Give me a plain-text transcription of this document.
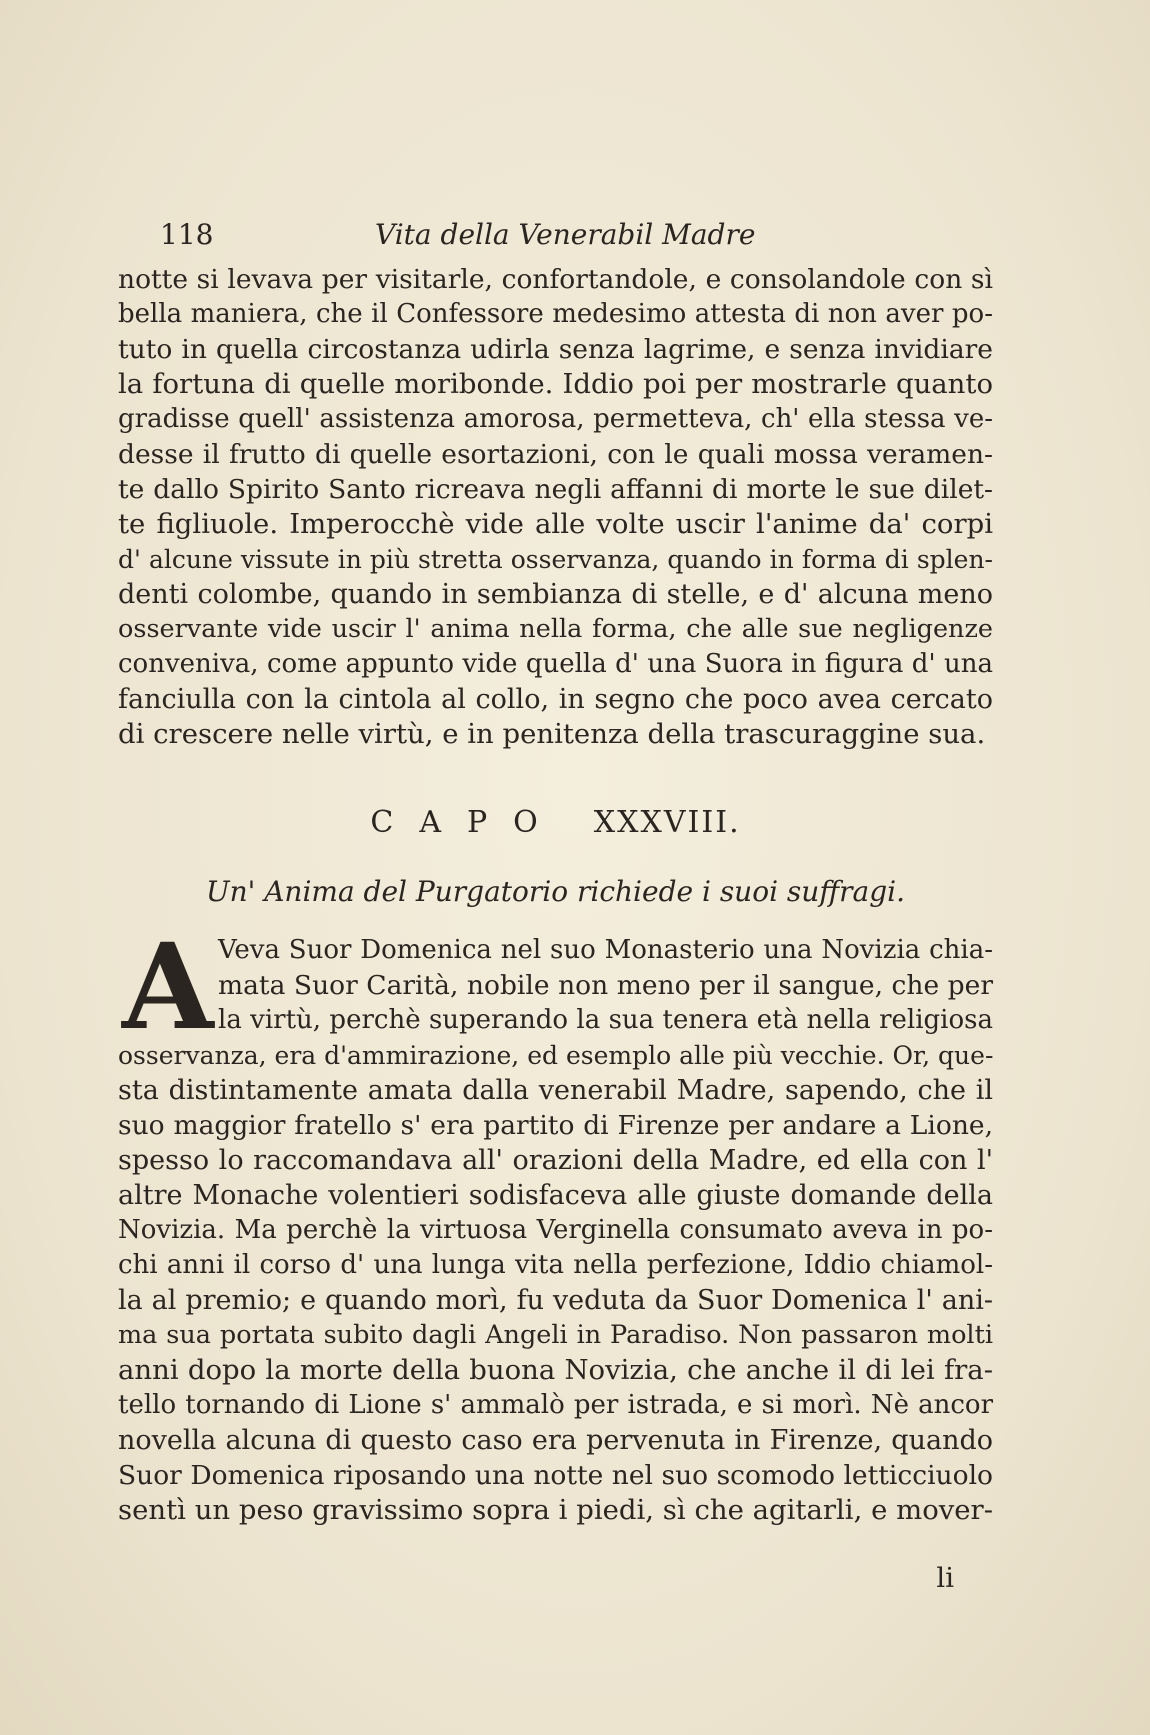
118	Vita della Venerabil Madre
notte si levava per visitarle, confortandole, e consolandole con sì
bella maniera, che il Confessore medesimo attesta di non aver po-
tuto in quella circostanza udirla senza lagrime, e senza invidiare
la fortuna di quelle moribonde. Iddio poi per mostrarle quanto
gradisse quell' assistenza amorosa, permetteva, ch' ella stessa ve-
desse il frutto di quelle esortazioni, con le quali mossa veramen-
te dallo Spirito Santo ricreava negli affanni di morte le sue dilet-
te figliuole. Imperocchè vide alle volte uscir l'anime da' corpi
d' alcune vissute in più stretta osservanza, quando in forma di splen-
denti colombe, quando in sembianza di stelle, e d' alcuna meno
osservante vide uscir l' anima nella forma, che alle sue negligenze
conveniva, come appunto vide quella d' una Suora in figura d' una
fanciulla con la cintola al collo, in segno che poco avea cercato
di crescere nelle virtù, e in penitenza della trascuraggine sua.
CAPO XXXVIII.
Un' Anima del Purgatorio richiede i suoi suffragi.
A Veva Suor Domenica nel suo Monasterio una Novizia chia-
mata Suor Carità, nobile non meno per il sangue, che per
la virtù, perchè superando la sua tenera età nella religiosa
osservanza, era d'ammirazione, ed esemplo alle più vecchie. Or, que-
sta distintamente amata dalla venerabil Madre, sapendo, che il
suo maggior fratello s' era partito di Firenze per andare a Lione,
spesso lo raccomandava all' orazioni della Madre, ed ella con l'
altre Monache volentieri sodisfaceva alle giuste domande della
Novizia. Ma perchè la virtuosa Verginella consumato aveva in po-
chi anni il corso d' una lunga vita nella perfezione, Iddio chiamol-
la al premio; e quando morì, fu veduta da Suor Domenica l' ani-
ma sua portata subito dagli Angeli in Paradiso. Non passaron molti
anni dopo la morte della buona Novizia, che anche il di lei fra-
tello tornando di Lione s' ammalò per istrada, e si morì. Nè ancor
novella alcuna di questo caso era pervenuta in Firenze, quando
Suor Domenica riposando una notte nel suo scomodo letticciuolo
sentì un peso gravissimo sopra i piedi, sì che agitarli, e mover-
li
